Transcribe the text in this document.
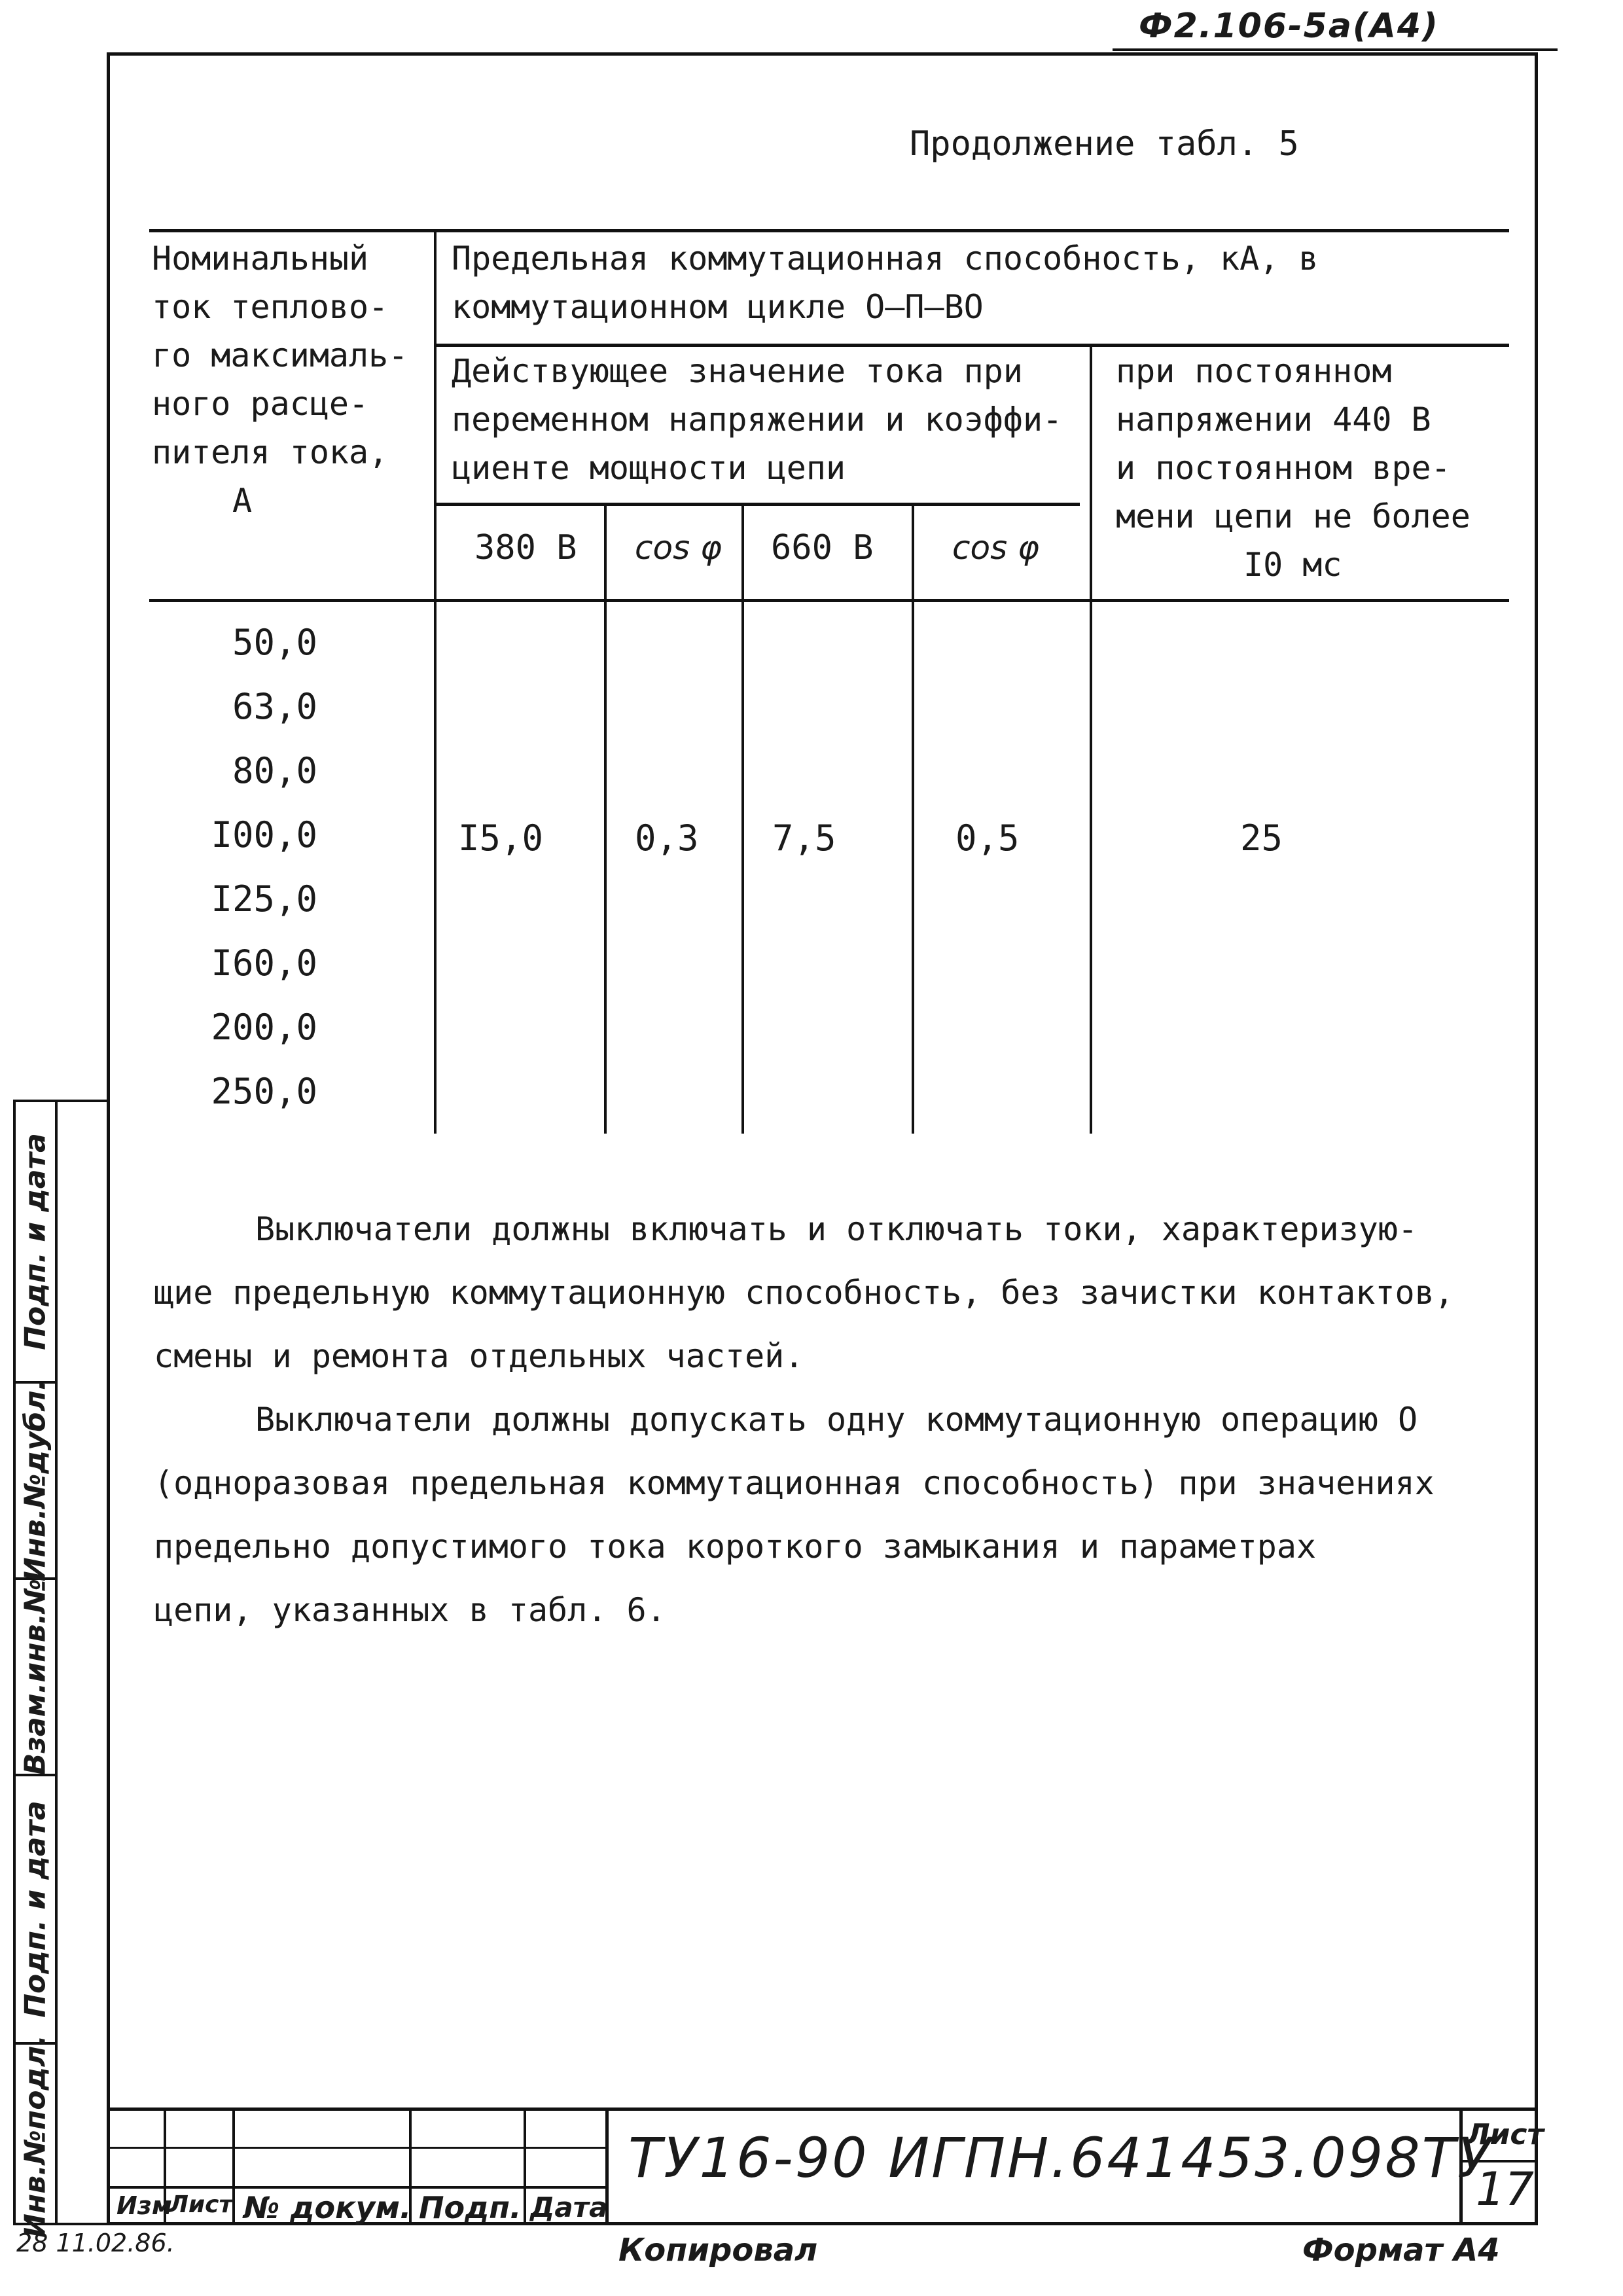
Ф2.106-5а(А4)
Продолжение табл. 5
Номинальный
ток теплово-
го максималь-
ного расце-
пителя тока,
А
Предельная коммутационная способность, кА, в
коммутационном цикле О–П–ВО
Действующее значение тока при
переменном напряжении и коэффи-
циенте мощности цепи
при постоянном
напряжении 440 В
и постоянном вре-
мени цепи не более
I0 мс
380 В cos φ 660 В cos φ
50,0
63,0
80,0
I00,0
I25,0
I60,0
200,0
250,0
I5,0	0,3 7,5	0,5	25
Выключатели должны включать и отключать токи, характеризую-
щие предельную коммутационную способность, без зачистки контактов,
смены и ремонта отдельных частей.
Выключатели должны допускать одну коммутационную операцию О
(одноразовая предельная коммутационная способность) при значениях
предельно допустимого тока короткого замыкания и параметрах
цепи, указанных в табл. 6.
Подп. и дата
Инв.№дубл.
Взам.инв.№
Подп. и дата
Инв.№подл.	Изм
Лист № докум. Подп. Дата
ТУ16-90 ИГПН.641453.098ТУ
Лист
17
28 11.02.86.	Копировал	Формат А4
